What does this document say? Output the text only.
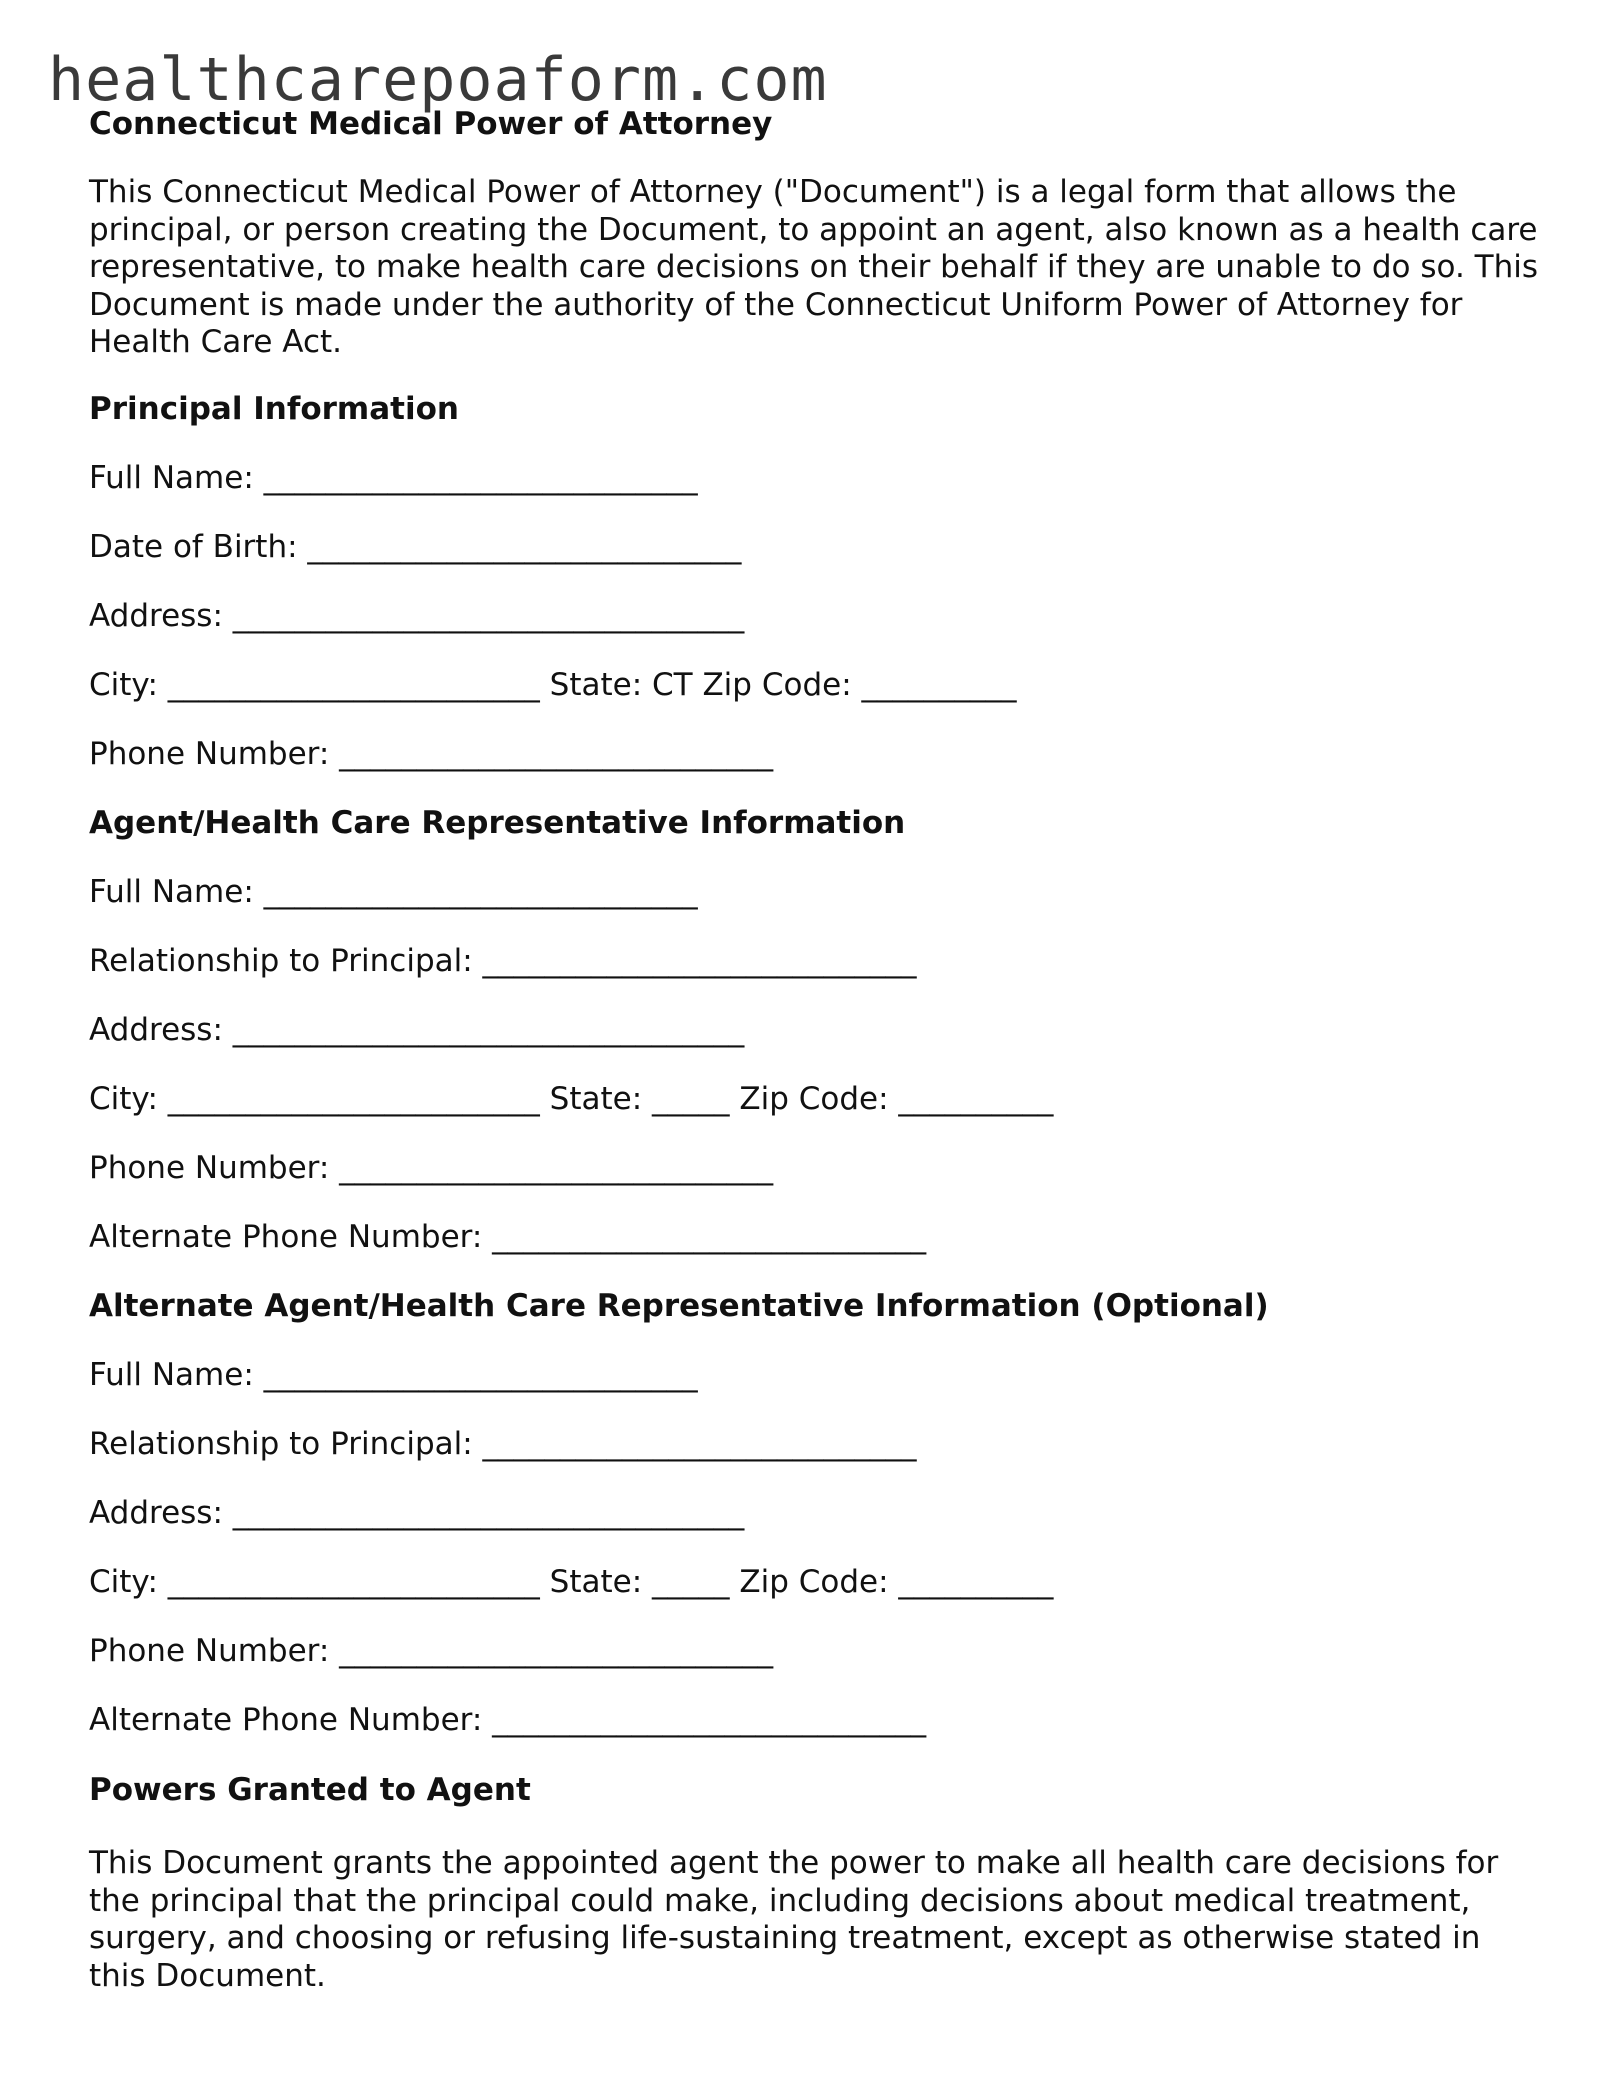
healthcarepoaform.com
Connecticut Medical Power of Attorney

This Connecticut Medical Power of Attorney ("Document") is a legal form that allows the principal, or person creating the Document, to appoint an agent, also known as a health care representative, to make health care decisions on their behalf if they are unable to do so. This Document is made under the authority of the Connecticut Uniform Power of Attorney for Health Care Act.

Principal Information
Full Name: ____________________________
Date of Birth: ____________________________
Address: _________________________________
City: ________________________ State: CT Zip Code: __________
Phone Number: ____________________________
Agent/Health Care Representative Information
Full Name: ____________________________
Relationship to Principal: ____________________________
Address: _________________________________
City: ________________________ State: _____ Zip Code: __________
Phone Number: ____________________________
Alternate Phone Number: ____________________________
Alternate Agent/Health Care Representative Information (Optional)
Full Name: ____________________________
Relationship to Principal: ____________________________
Address: _________________________________
City: ________________________ State: _____ Zip Code: __________
Phone Number: ____________________________
Alternate Phone Number: ____________________________
Powers Granted to Agent

This Document grants the appointed agent the power to make all health care decisions for the principal that the principal could make, including decisions about medical treatment, surgery, and choosing or refusing life-sustaining treatment, except as otherwise stated in this Document.
